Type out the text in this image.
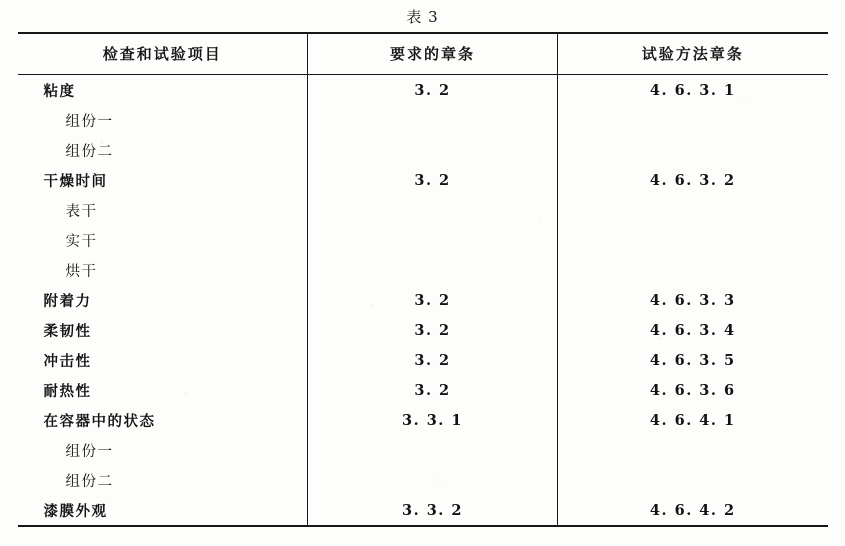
表 3
检查和试验项目	要求的章条	试验方法章条
粘度	3. 2	4. 6. 3. 1
组份一		
组份二		
干燥时间	3. 2	4. 6. 3. 2
表干		
实干		
烘干		
附着力	3. 2	4. 6. 3. 3
柔韧性	3. 2	4. 6. 3. 4
冲击性	3. 2	4. 6. 3. 5
耐热性	3. 2	4. 6. 3. 6
在容器中的状态	3. 3. 1	4. 6. 4. 1
组份一		
组份二		
漆膜外观	3. 3. 2	4. 6. 4. 2
